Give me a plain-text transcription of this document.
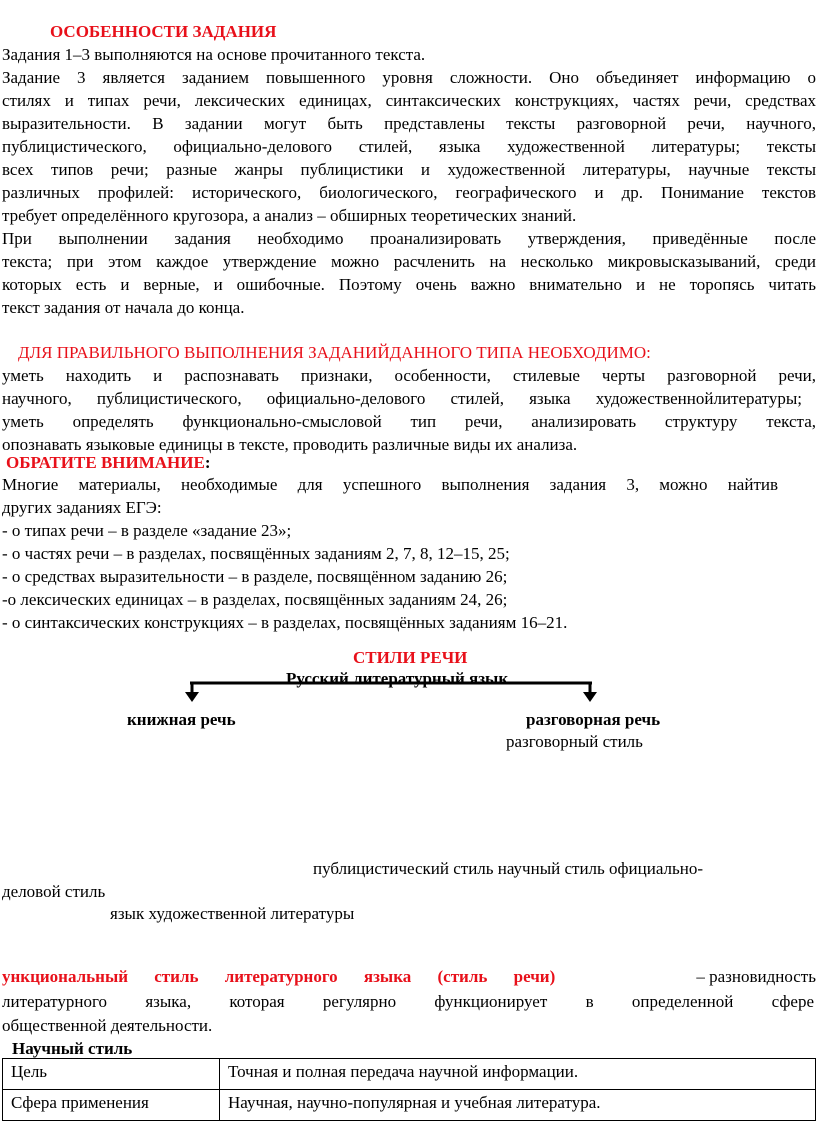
ОСОБЕННОСТИ ЗАДАНИЯ
Задания 1–3 выполняются на основе прочитанного текста.
Задание 3 является заданием повышенного уровня сложности. Оно объединяет информацию о
стилях и типах речи, лексических единицах, синтаксических конструкциях, частях речи, средствах
выразительности. В задании могут быть представлены тексты разговорной речи, научного,
публицистического, официально-делового стилей, языка художественной литературы; тексты
всех типов речи; разные жанры публицистики и художественной литературы, научные тексты
различных профилей: исторического, биологического, географического и др. Понимание текстов
требует определённого кругозора, а анализ – обширных теоретических знаний.
При выполнении задания необходимо проанализировать утверждения, приведённые после
текста; при этом каждое утверждение можно расчленить на несколько микровысказываний, среди
которых есть и верные, и ошибочные. Поэтому очень важно внимательно и не торопясь читать
текст задания от начала до конца.
ДЛЯ ПРАВИЛЬНОГО ВЫПОЛНЕНИЯ ЗАДАНИЙДАННОГО ТИПА НЕОБХОДИМО:
уметь находить и распознавать признаки, особенности, стилевые черты разговорной речи,
научного, публицистического, официально-делового стилей, языка художественнойлитературы;
уметь определять функционально-смысловой тип речи, анализировать структуру текста,
опознавать языковые единицы в тексте, проводить различные виды их анализа.
ОБРАТИТЕ ВНИМАНИЕ:
Многие материалы, необходимые для успешного выполнения задания 3, можно найтив
других заданиях ЕГЭ:
- о типах речи – в разделе «задание 23»;
- о частях речи – в разделах, посвящённых заданиям 2, 7, 8, 12–15, 25;
- о средствах выразительности – в разделе, посвящённом заданию 26;
-о лексических единицах – в разделах, посвящённых заданиям 24, 26;
- о синтаксических конструкциях – в разделах, посвящённых заданиям 16–21.
СТИЛИ РЕЧИ
Русский литературный язык
книжная речь	разговорная речь
разговорный стиль
публицистический стиль научный стиль официально-
деловой стиль
язык художественной литературы
ункциональный стиль литературного языка (стиль речи)	– разновидность
литературного языка, которая регулярно функционирует в определенной сфере
общественной деятельности.
Научный стиль
Цель	Точная и полная передача научной информации.
Сфера применения	Научная, научно-популярная и учебная литература.
